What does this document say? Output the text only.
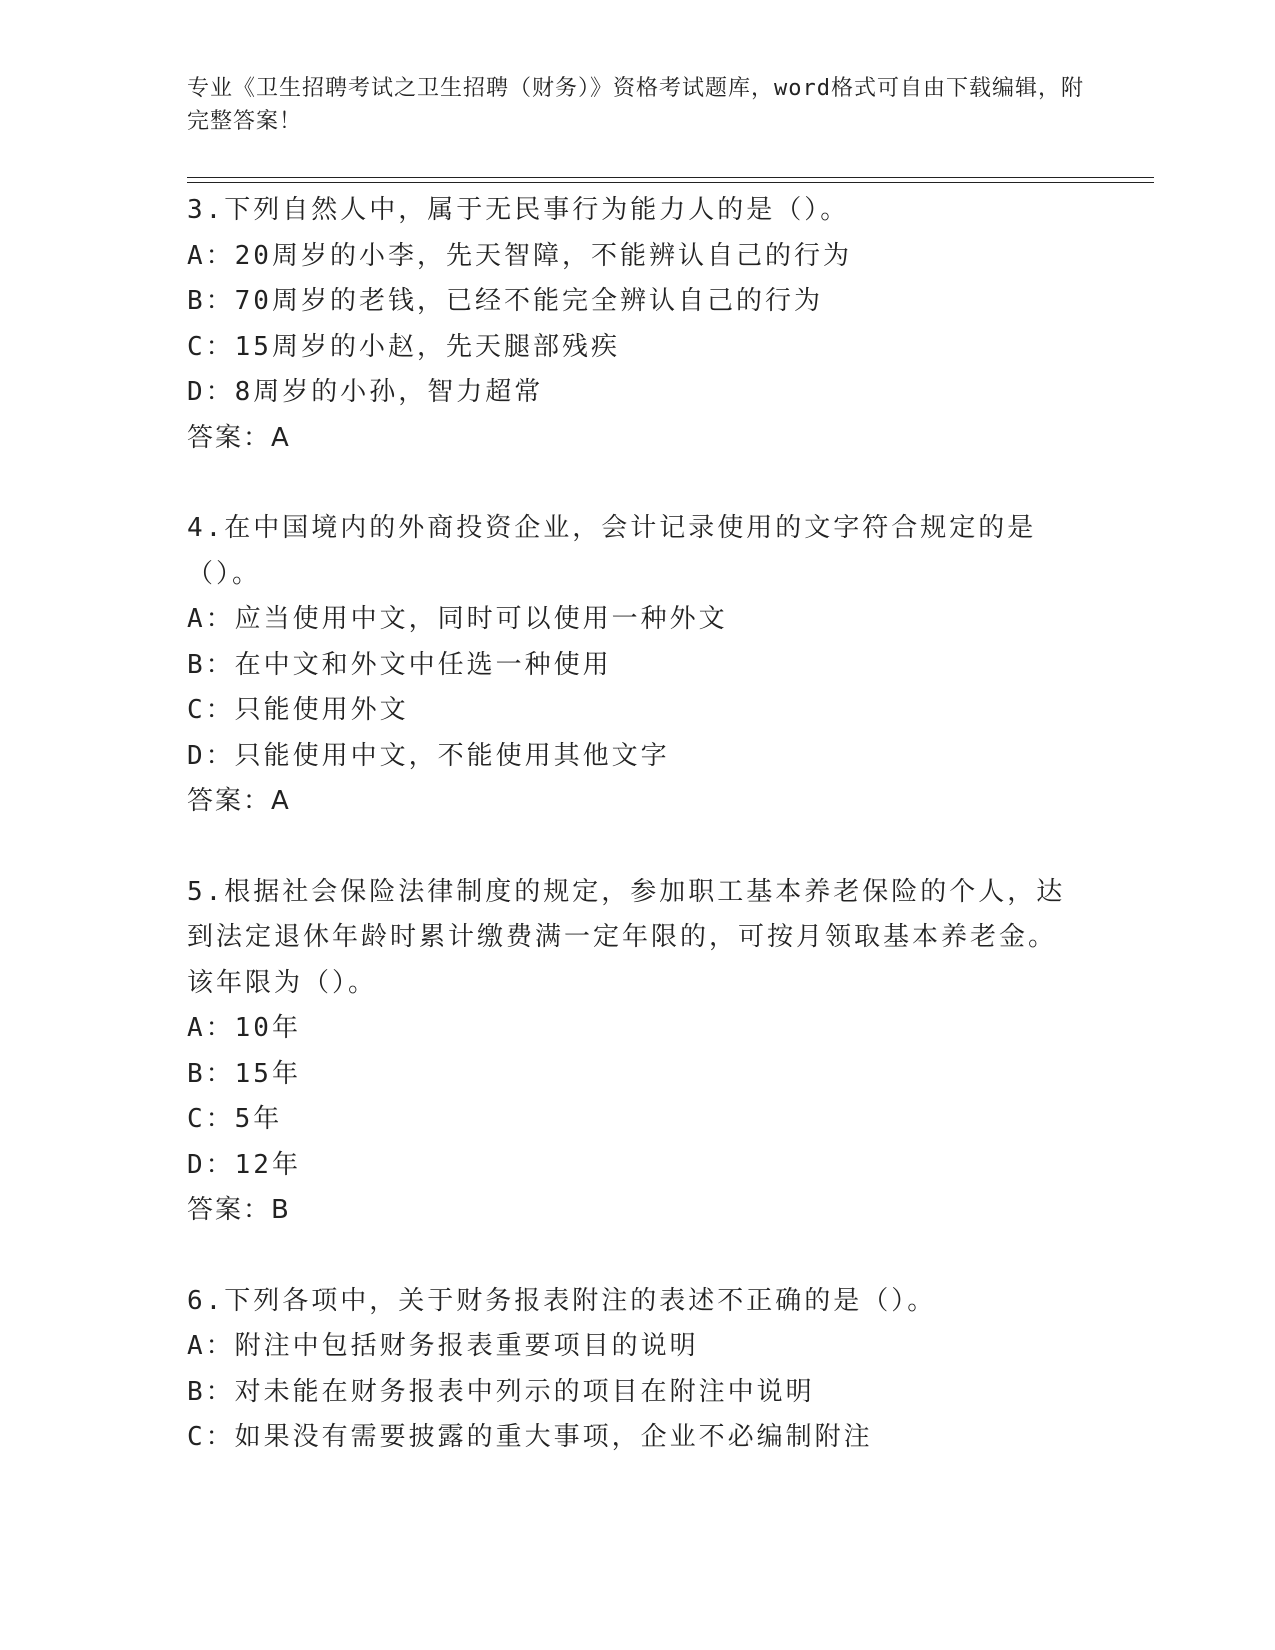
专业《卫生招聘考试之卫生招聘（财务）》资格考试题库，word格式可自由下载编辑，附完整答案！
3.下列自然人中，属于无民事行为能力人的是（）。
A：20周岁的小李，先天智障，不能辨认自己的行为
B：70周岁的老钱，已经不能完全辨认自己的行为
C：15周岁的小赵，先天腿部残疾
D：8周岁的小孙，智力超常
答案：A
4.在中国境内的外商投资企业，会计记录使用的文字符合规定的是（）。
A：应当使用中文，同时可以使用一种外文
B：在中文和外文中任选一种使用
C：只能使用外文
D：只能使用中文，不能使用其他文字
答案：A
5.根据社会保险法律制度的规定，参加职工基本养老保险的个人，达到法定退休年龄时累计缴费满一定年限的，可按月领取基本养老金。该年限为（）。
A：10年
B：15年
C：5年
D：12年
答案：B
6.下列各项中，关于财务报表附注的表述不正确的是（）。
A：附注中包括财务报表重要项目的说明
B：对未能在财务报表中列示的项目在附注中说明
C：如果没有需要披露的重大事项，企业不必编制附注
